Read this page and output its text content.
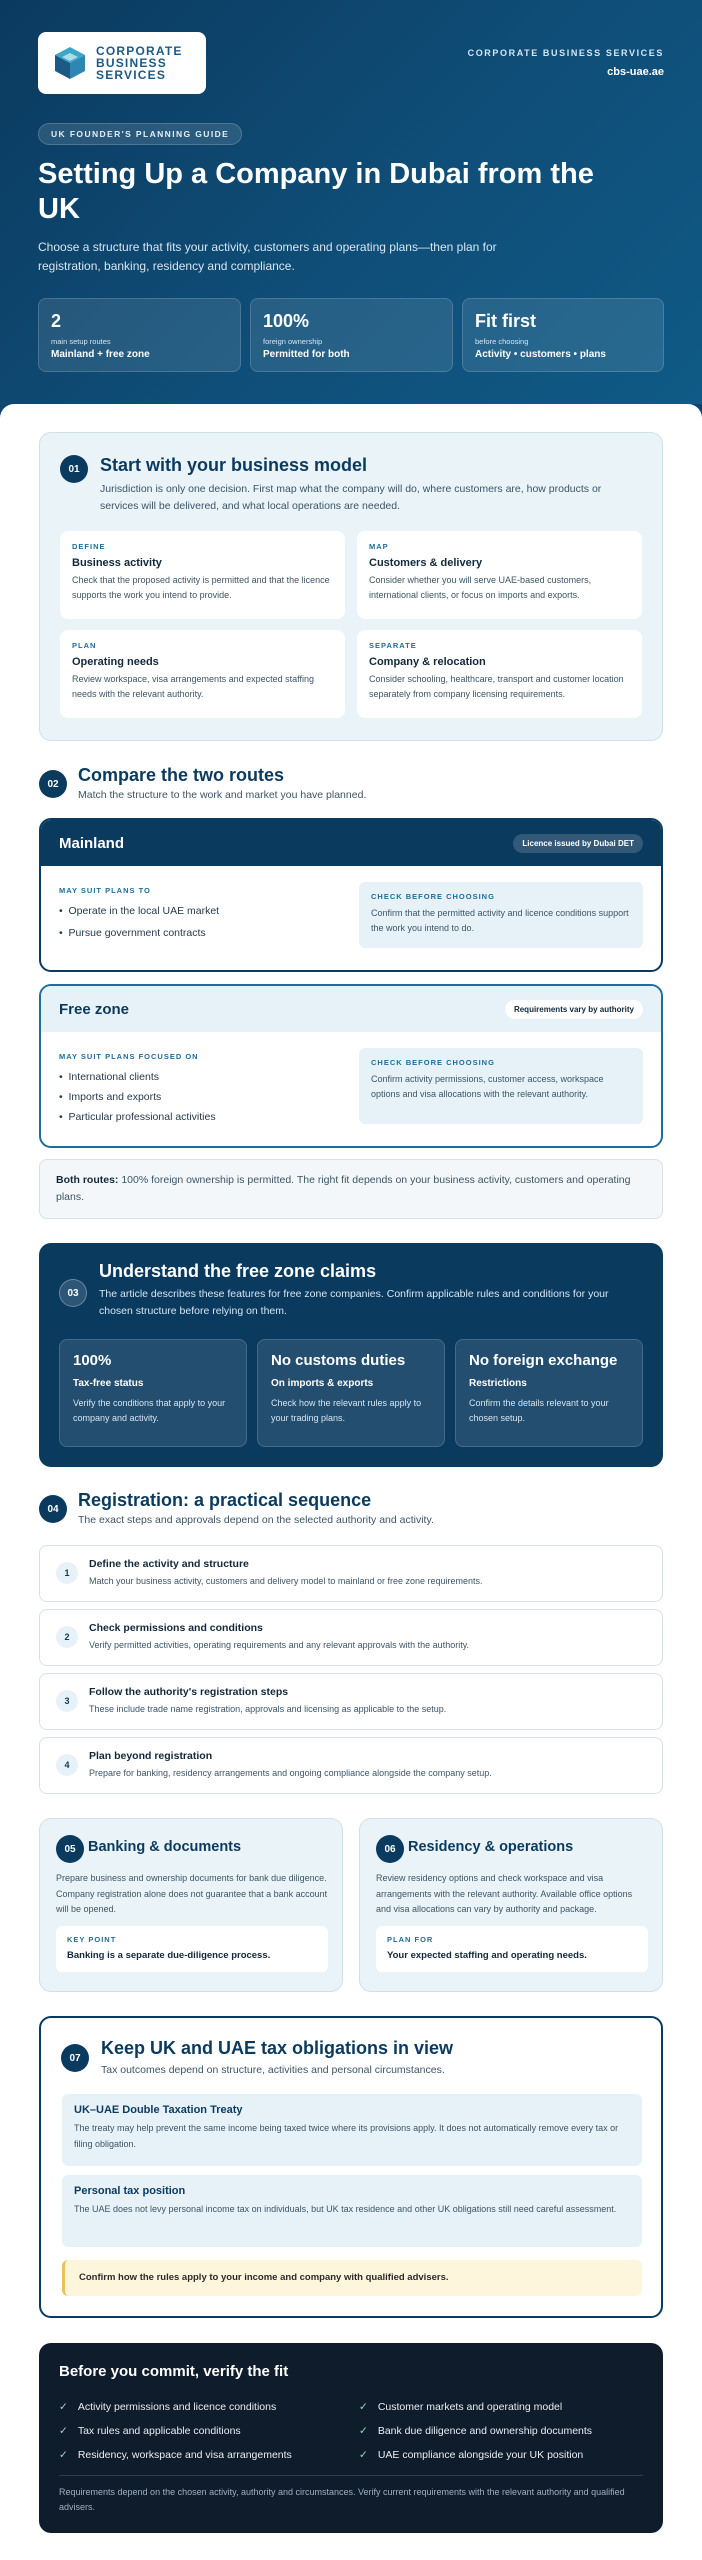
CORPORATE
BUSINESS
SERVICES
CORPORATE BUSINESS SERVICES
cbs-uae.ae
UK FOUNDER'S PLANNING GUIDE
Setting Up a Company in Dubai from the UK
Choose a structure that fits your activity, customers and operating plans—then plan for registration, banking, residency and compliance.
2
main setup routes
Mainland + free zone
100%
foreign ownership
Permitted for both
Fit first
before choosing
Activity • customers • plans
01	Start with your business model
Jurisdiction is only one decision. First map what the company will do, where customers are, how products or services will be delivered, and what local operations are needed.
DEFINE
Business activity
Check that the proposed activity is permitted and that the licence supports the work you intend to provide.
MAP
Customers & delivery
Consider whether you will serve UAE-based customers, international clients, or focus on imports and exports.
PLAN
Operating needs
Review workspace, visa arrangements and expected staffing needs with the relevant authority.
SEPARATE
Company & relocation
Consider schooling, healthcare, transport and customer location separately from company licensing requirements.
02	Compare the two routes
Match the structure to the work and market you have planned.
Mainland	Licence issued by Dubai DET
MAY SUIT PLANS TO
•  Operate in the local UAE market
•  Pursue government contracts
CHECK BEFORE CHOOSING
Confirm that the permitted activity and licence conditions support the work you intend to do.
Free zone	Requirements vary by authority
MAY SUIT PLANS FOCUSED ON
•  International clients
•  Imports and exports
•  Particular professional activities
CHECK BEFORE CHOOSING
Confirm activity permissions, customer access, workspace options and visa allocations with the relevant authority.
Both routes: 100% foreign ownership is permitted. The right fit depends on your business activity, customers and operating plans.
03
Understand the free zone claims
The article describes these features for free zone companies. Confirm applicable rules and conditions for your chosen structure before relying on them.
100%
Tax-free status
Verify the conditions that apply to your company and activity.
No customs duties
On imports & exports
Check how the relevant rules apply to your trading plans.
No foreign exchange
Restrictions
Confirm the details relevant to your chosen setup.
04	Registration: a practical sequence
The exact steps and approvals depend on the selected authority and activity.
1
Define the activity and structure
Match your business activity, customers and delivery model to mainland or free zone requirements.
2
Check permissions and conditions
Verify permitted activities, operating requirements and any relevant approvals with the authority.
3
Follow the authority's registration steps
These include trade name registration, approvals and licensing as applicable to the setup.
4
Plan beyond registration
Prepare for banking, residency arrangements and ongoing compliance alongside the company setup.
05 Banking & documents
Prepare business and ownership documents for bank due diligence. Company registration alone does not guarantee that a bank account will be opened.
KEY POINT
Banking is a separate due-diligence process.
06 Residency & operations
Review residency options and check workspace and visa arrangements with the relevant authority. Available office options and visa allocations can vary by authority and package.
PLAN FOR
Your expected staffing and operating needs.
07	Keep UK and UAE tax obligations in view
Tax outcomes depend on structure, activities and personal circumstances.
UK–UAE Double Taxation Treaty
The treaty may help prevent the same income being taxed twice where its provisions apply. It does not automatically remove every tax or filing obligation.
Personal tax position
The UAE does not levy personal income tax on individuals, but UK tax residence and other UK obligations still need careful assessment.
Confirm how the rules apply to your income and company with qualified advisers.
Before you commit, verify the fit
✓ Activity permissions and licence conditions
✓ Tax rules and applicable conditions
✓ Residency, workspace and visa arrangements
✓ Customer markets and operating model
✓ Bank due diligence and ownership documents
✓ UAE compliance alongside your UK position
Requirements depend on the chosen activity, authority and circumstances. Verify current requirements with the relevant authority and qualified advisers.
